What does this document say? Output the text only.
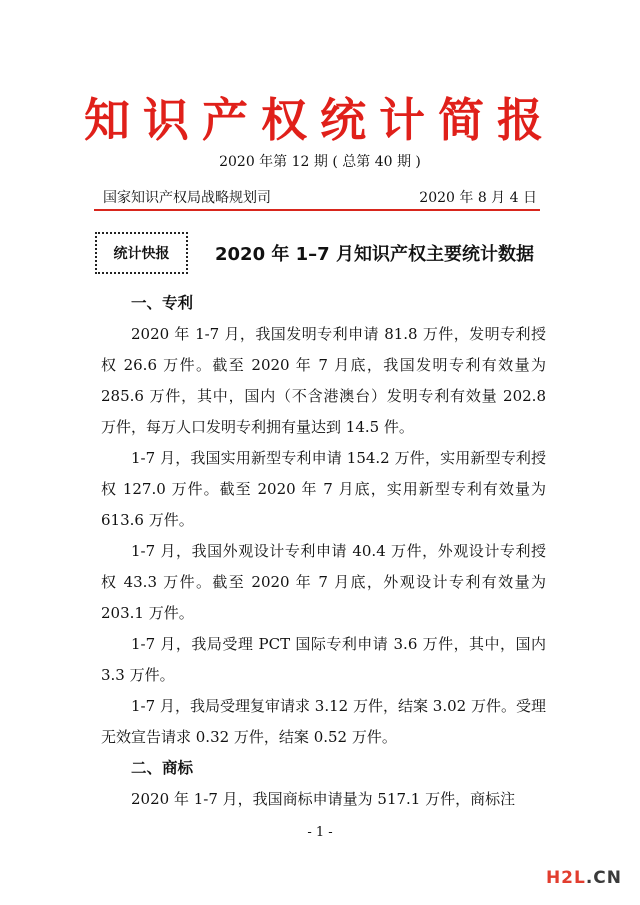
知识产权统计简报
2020 年第 12 期 ( 总第 40 期 )
国家知识产权局战略规划司	2020 年 8 月 4 日
统计快报	2020 年 1–7 月知识产权主要统计数据
一、专利

2020 年 1-7 月，我国发明专利申请 81.8 万件，发明专利授权 26.6 万件。截至 2020 年 7 月底，我国发明专利有效量为 285.6 万件，其中，国内（不含港澳台）发明专利有效量 202.8 万件，每万人口发明专利拥有量达到 14.5 件。

1-7 月，我国实用新型专利申请 154.2 万件，实用新型专利授权 127.0 万件。截至 2020 年 7 月底，实用新型专利有效量为 613.6 万件。

1-7 月，我国外观设计专利申请 40.4 万件，外观设计专利授权 43.3 万件。截至 2020 年 7 月底，外观设计专利有效量为 203.1 万件。

1-7 月，我局受理 PCT 国际专利申请 3.6 万件，其中，国内 3.3 万件。

1-7 月，我局受理复审请求 3.12 万件，结案 3.02 万件。受理无效宣告请求 0.32 万件，结案 0.52 万件。

二、商标

2020 年 1-7 月，我国商标申请量为 517.1 万件，商标注

- 1 -
H2L.CN
